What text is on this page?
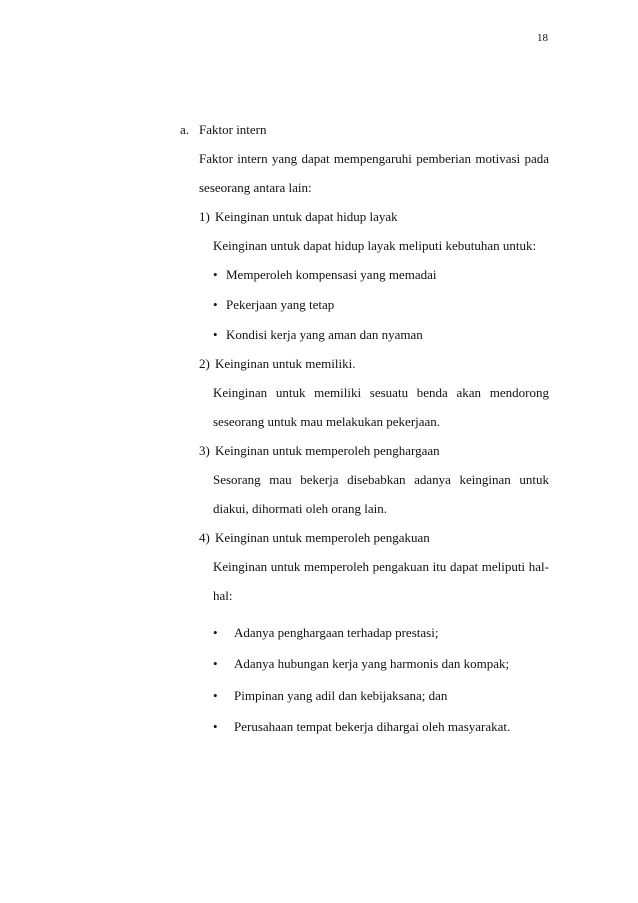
18
a. Faktor intern
Faktor intern yang dapat mempengaruhi pemberian motivasi pada
seseorang antara lain:
1) Keinginan untuk dapat hidup layak
Keinginan untuk dapat hidup layak meliputi kebutuhan untuk:
• Memperoleh kompensasi yang memadai
• Pekerjaan yang tetap
• Kondisi kerja yang aman dan nyaman
2) Keinginan untuk memiliki.
Keinginan untuk memiliki sesuatu benda akan mendorong
seseorang untuk mau melakukan pekerjaan.
3) Keinginan untuk memperoleh penghargaan
Sesorang mau bekerja disebabkan adanya keinginan untuk
diakui, dihormati oleh orang lain.
4) Keinginan untuk memperoleh pengakuan
Keinginan untuk memperoleh pengakuan itu dapat meliputi hal-
hal:
• Adanya penghargaan terhadap prestasi;
• Adanya hubungan kerja yang harmonis dan kompak;
• Pimpinan yang adil dan kebijaksana; dan
• Perusahaan tempat bekerja dihargai oleh masyarakat.
